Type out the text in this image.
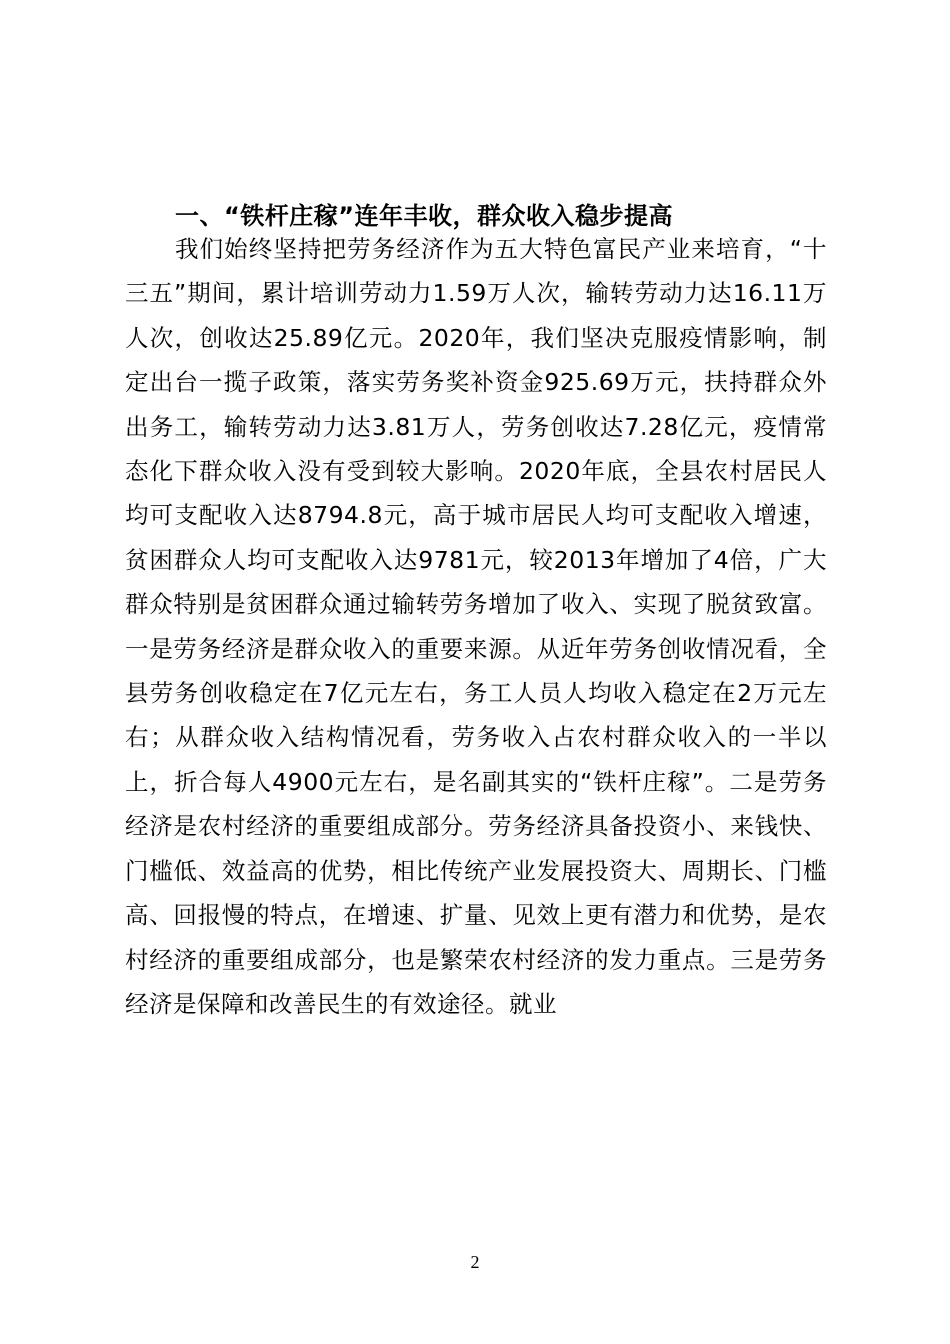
一、“铁杆庄稼”连年丰收，群众收入稳步提高

我们始终坚持把劳务经济作为五大特色富民产业来培育，“十三五”期间，累计培训劳动力1.59万人次，输转劳动力达16.11万人次，创收达25.89亿元。2020年，我们坚决克服疫情影响，制定出台一揽子政策，落实劳务奖补资金925.69万元，扶持群众外出务工，输转劳动力达3.81万人，劳务创收达7.28亿元，疫情常态化下群众收入没有受到较大影响。2020年底，全县农村居民人均可支配收入达8794.8元，高于城市居民人均可支配收入增速，贫困群众人均可支配收入达9781元，较2013年增加了4倍，广大群众特别是贫困群众通过输转劳务增加了收入、实现了脱贫致富。一是劳务经济是群众收入的重要来源。从近年劳务创收情况看，全县劳务创收稳定在7亿元左右，务工人员人均收入稳定在2万元左右；从群众收入结构情况看，劳务收入占农村群众收入的一半以上，折合每人4900元左右，是名副其实的“铁杆庄稼”。二是劳务经济是农村经济的重要组成部分。劳务经济具备投资小、来钱快、门槛低、效益高的优势，相比传统产业发展投资大、周期长、门槛高、回报慢的特点，在增速、扩量、见效上更有潜力和优势，是农村经济的重要组成部分，也是繁荣农村经济的发力重点。三是劳务经济是保障和改善民生的有效途径。就业

2
